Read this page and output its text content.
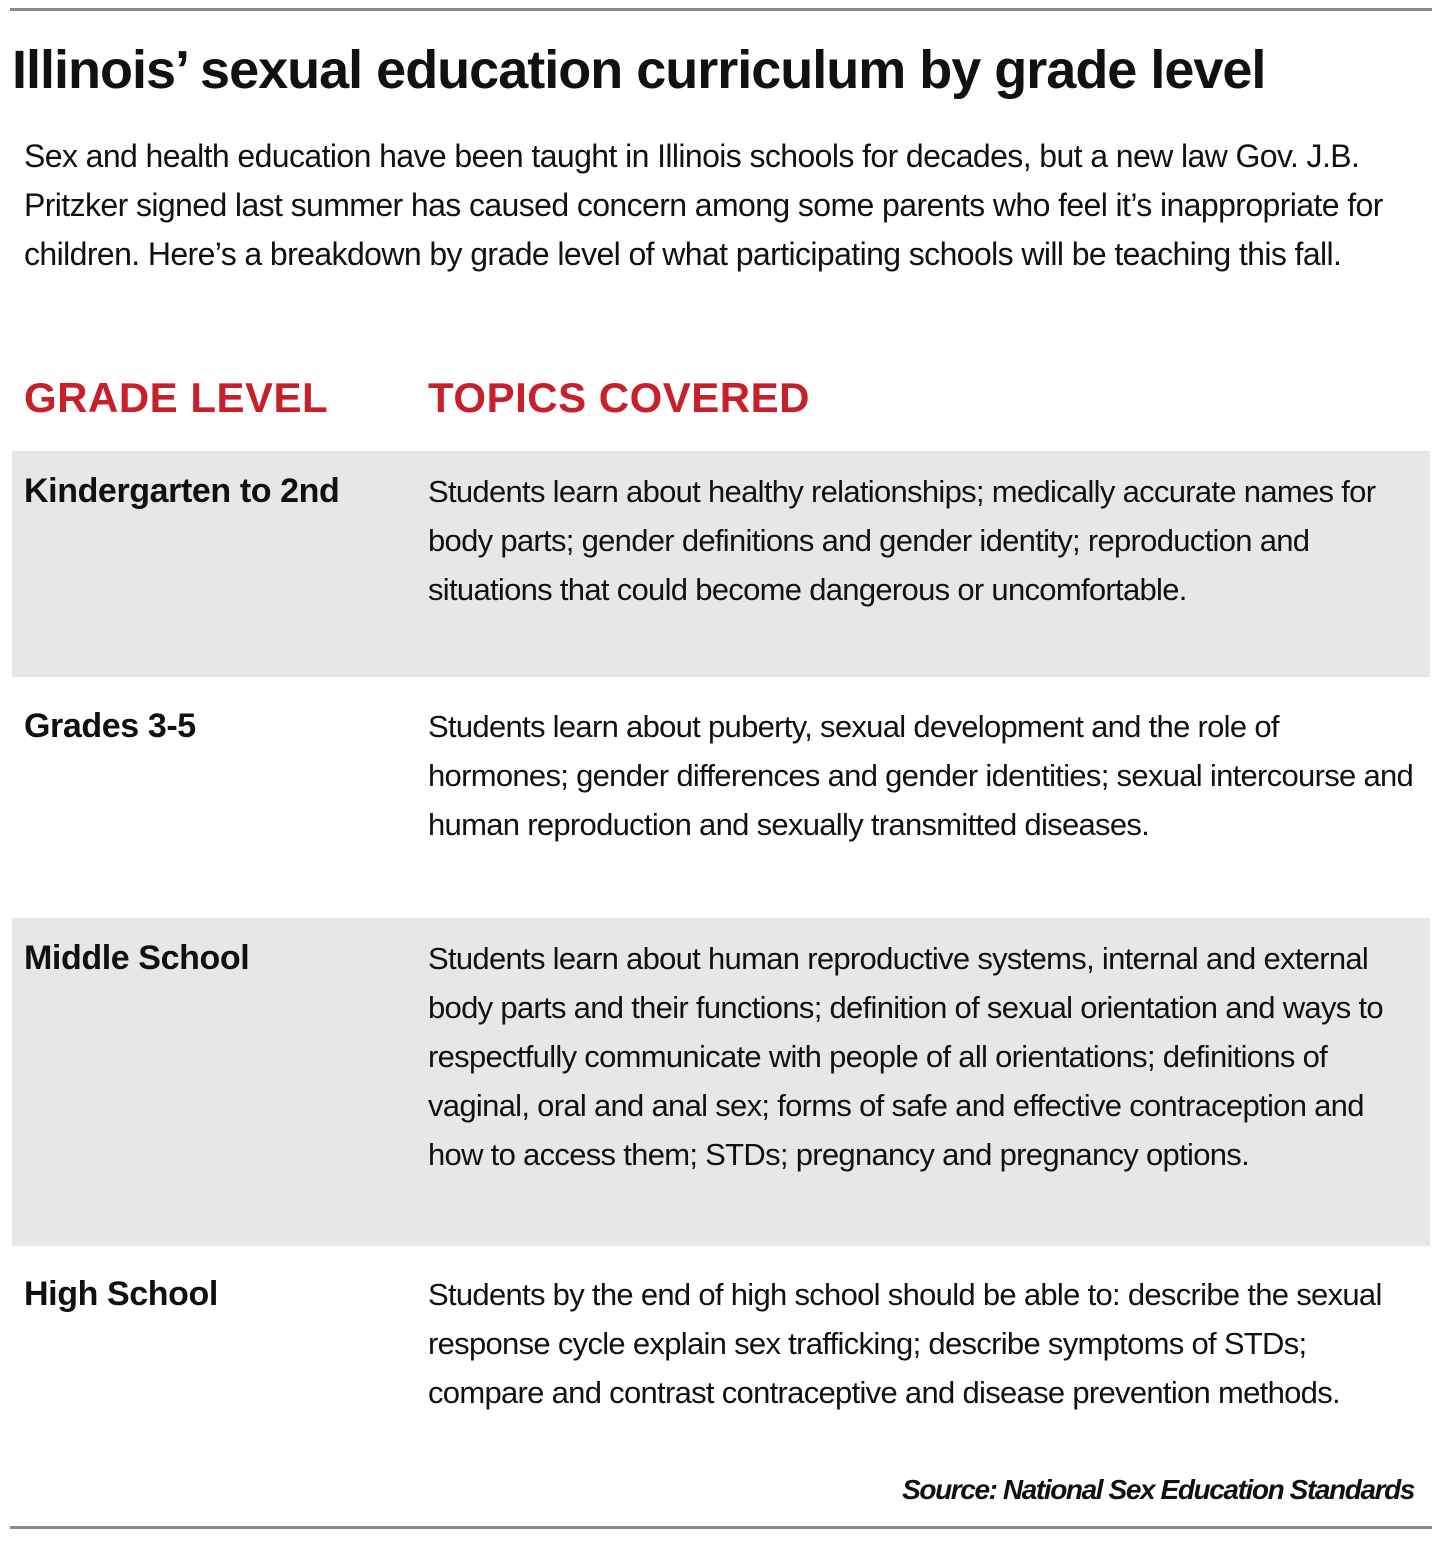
Illinois’ sexual education curriculum by grade level

Sex and health education have been taught in Illinois schools for decades, but a new law Gov. J.B. Pritzker signed last summer has caused concern among some parents who feel it’s inappropriate for children. Here’s a breakdown by grade level of what participating schools will be teaching this fall.

GRADE LEVEL TOPICS COVERED
Kindergarten to 2nd	Students learn about healthy relationships; medically accurate names for body parts; gender definitions and gender identity; reproduction and situations that could become dangerous or uncomfortable.
Grades 3-5	Students learn about puberty, sexual development and the role of hormones; gender differences and gender identities; sexual intercourse and human reproduction and sexually transmitted diseases.
Middle School	Students learn about human reproductive systems, internal and external body parts and their functions; definition of sexual orientation and ways to respectfully communicate with people of all orientations; definitions of vaginal, oral and anal sex; forms of safe and effective contraception and how to access them; STDs; pregnancy and pregnancy options.
High School	Students by the end of high school should be able to: describe the sexual response cycle explain sex trafficking; describe symptoms of STDs; compare and contrast contraceptive and disease prevention methods.
Source: National Sex Education Standards
